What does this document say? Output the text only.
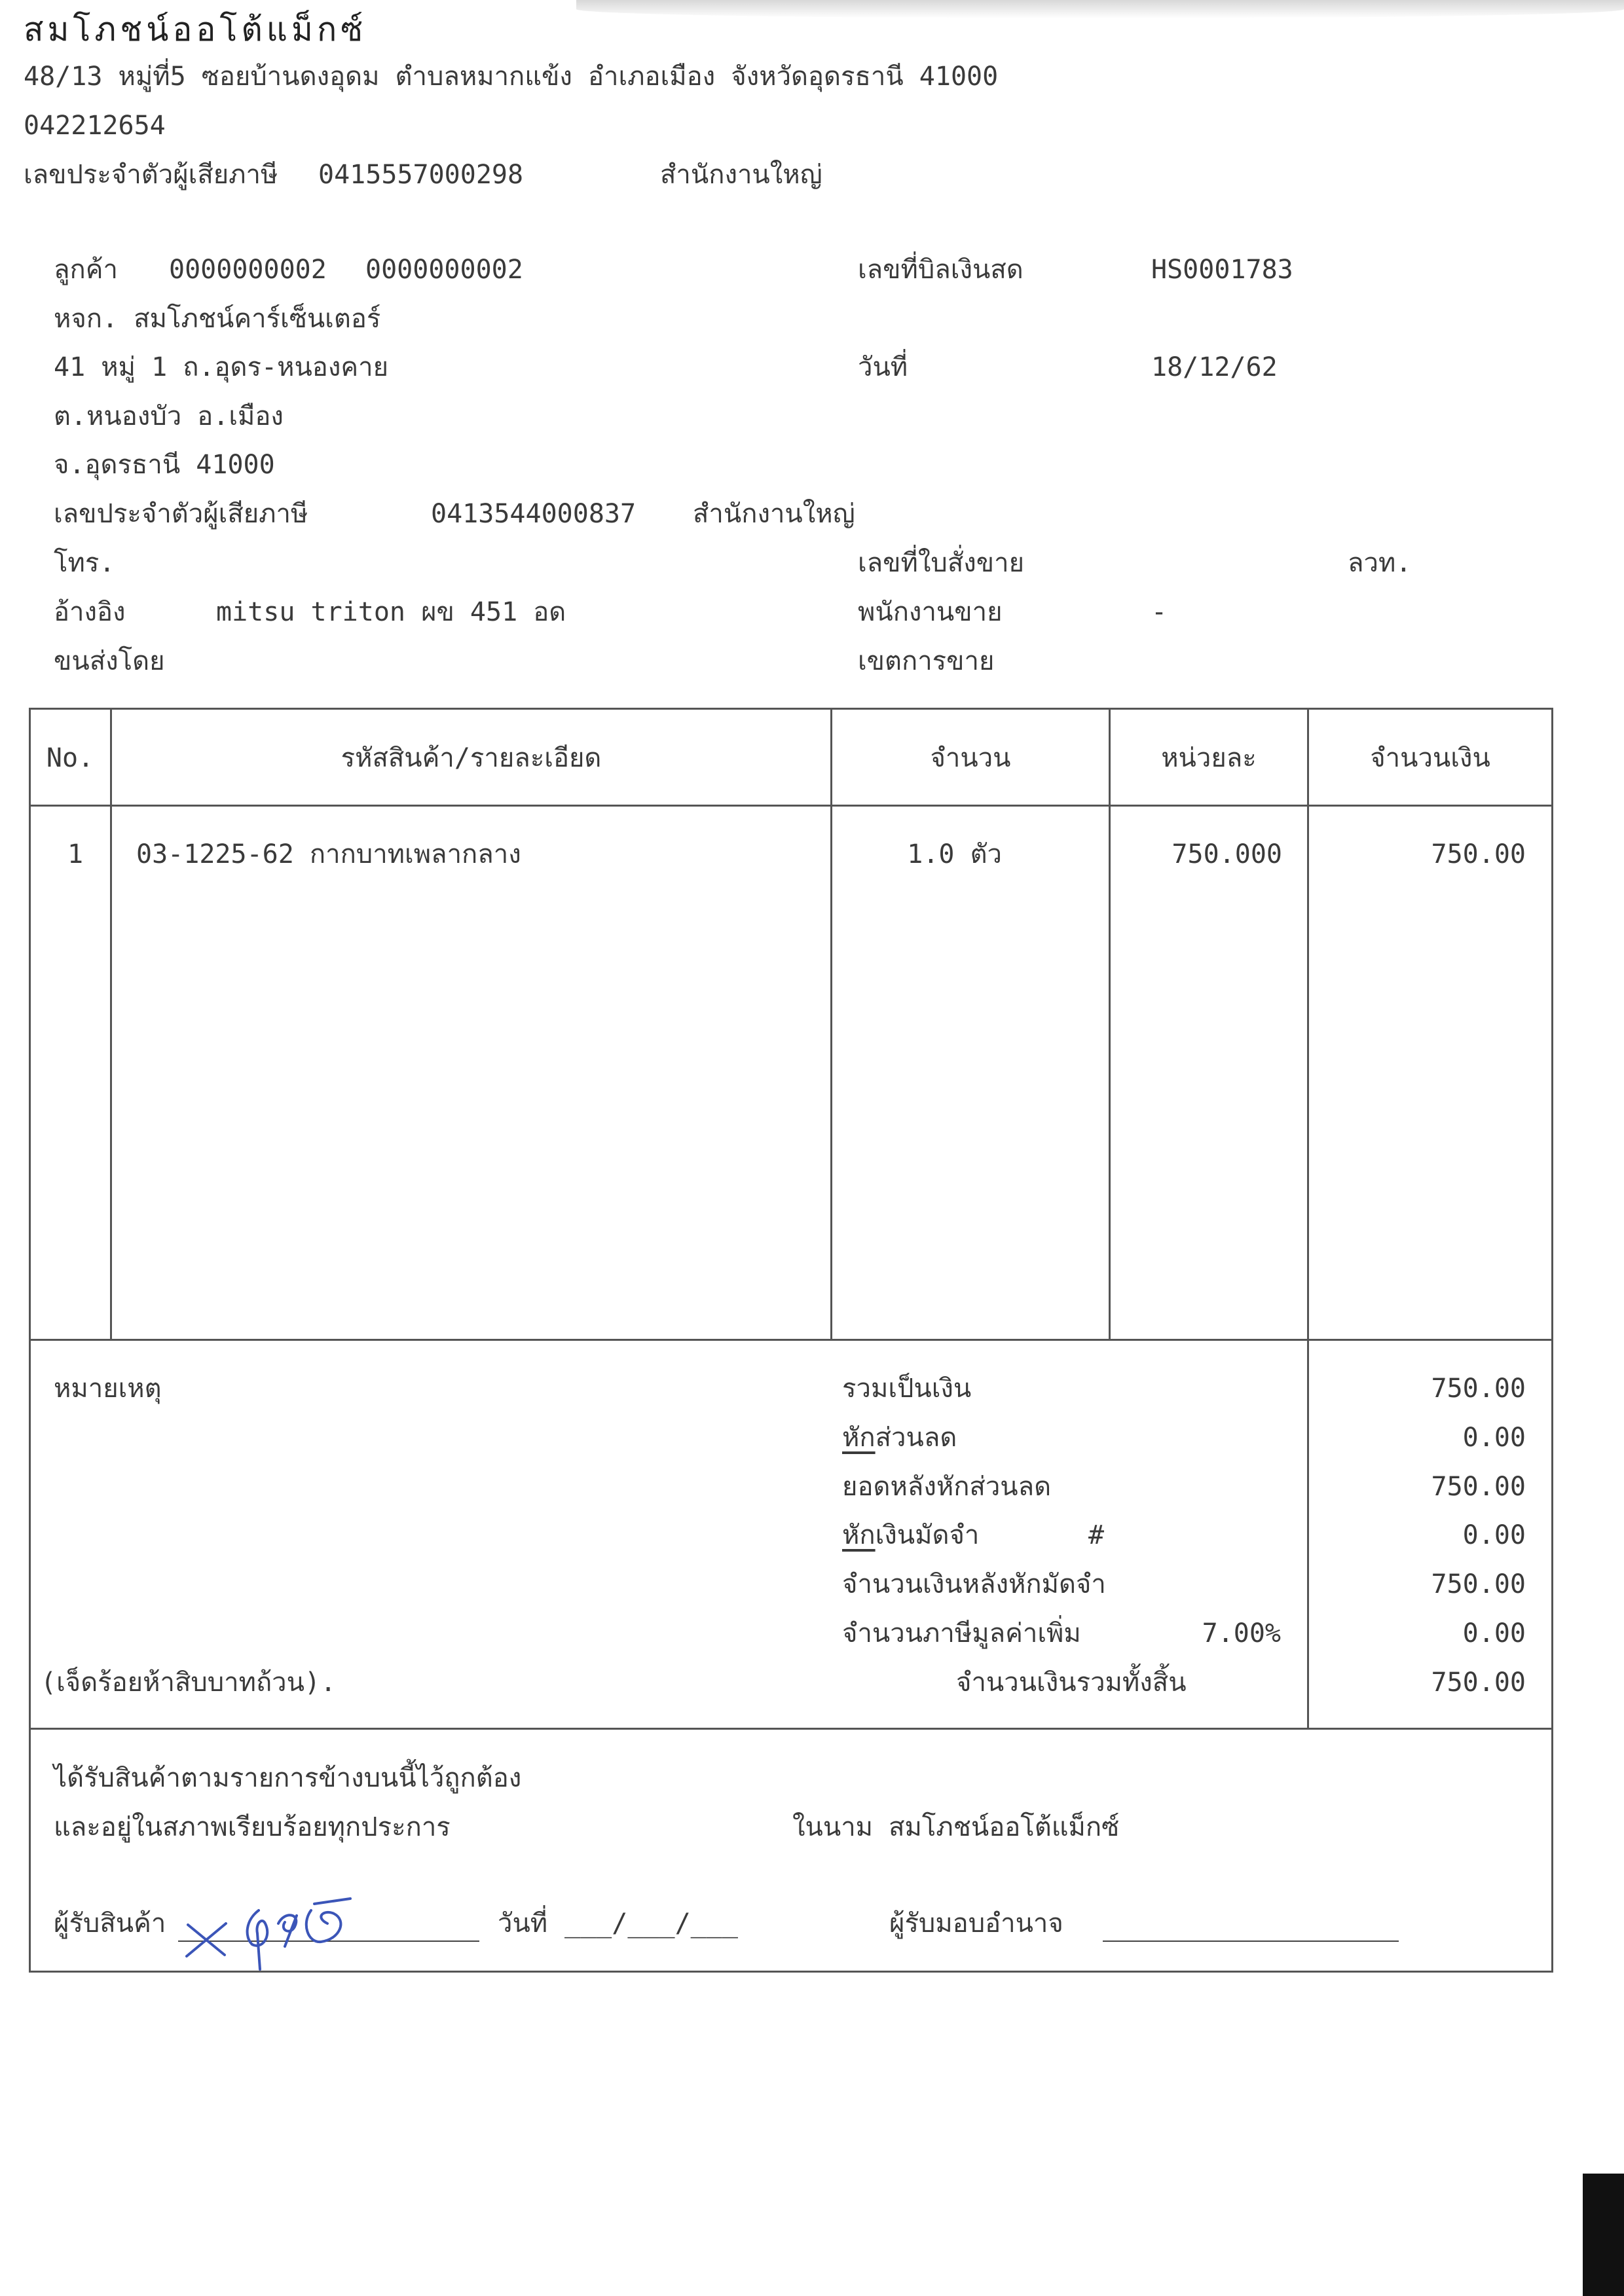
สมโภชน์ออโต้แม็กซ์
48/13 หมู่ที่5 ซอยบ้านดงอุดม ตำบลหมากแข้ง อำเภอเมือง จังหวัดอุดรธานี 41000
042212654
เลขประจำตัวผู้เสียภาษี 0415557000298	สำนักงานใหญ่
ลูกค้า 0000000002 0000000002
หจก. สมโภชน์คาร์เซ็นเตอร์
41 หมู่ 1 ถ.อุดร-หนองคาย
ต.หนองบัว อ.เมือง
จ.อุดรธานี 41000
เลขประจำตัวผู้เสียภาษี	0413544000837 สำนักงานใหญ่
โทร.
อ้างอิง	mitsu triton ผข 451 อด
ขนส่งโดย
เลขที่บิลเงินสด	HS0001783
วันที่	18/12/62
เลขที่ใบสั่งขาย	ลวท.
พนักงานขาย	-
เขตการขาย
No.	รหัสสินค้า/รายละเอียด	จำนวน	หน่วยละ	จำนวนเงิน
1 03-1225-62 กากบาทเพลากลาง	1.0 ตัว	750.000	750.00
หมายเหตุ
(เจ็ดร้อยห้าสิบบาทถ้วน).
รวมเป็นเงิน	750.00
หักส่วนลด	0.00
ยอดหลังหักส่วนลด	750.00
หักเงินมัดจำ	#	0.00
จำนวนเงินหลังหักมัดจำ	750.00
จำนวนภาษีมูลค่าเพิ่ม	7.00%	0.00
จำนวนเงินรวมทั้งสิ้น	750.00
ได้รับสินค้าตามรายการข้างบนนี้ไว้ถูกต้อง
และอยู่ในสภาพเรียบร้อยทุกประการ	ในนาม สมโภชน์ออโต้แม็กซ์
ผู้รับสินค้า	วันที่ ___/___/___	ผู้รับมอบอำนาจ
